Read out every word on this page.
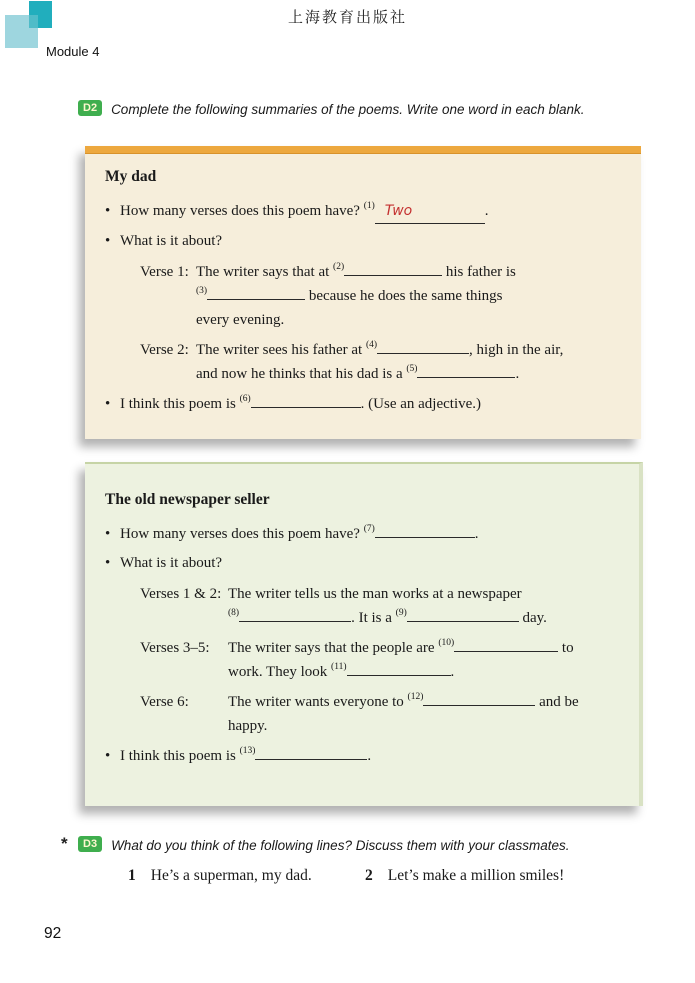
上海教育出版社
Module 4
D2	Complete the following summaries of the poems. Write one word in each blank.
My dad
•
How many verses does this poem have? $^{(1)}$ Two	.
•
What is it about?
Verse 1: The writer says that at $^{(2)}$	his father is
$^{(3)}$	because he does the same things
every evening.
Verse 2: The writer sees his father at $^{(4)}$	, high in the air,
and now he thinks that his dad is a $^{(5)}$	.
•
I think this poem is $^{(6)}$	. (Use an adjective.)
The old newspaper seller
•
How many verses does this poem have? $^{(7)}$	.
•
What is it about?
Verses 1 & 2: The writer tells us the man works at a newspaper
$^{(8)}$	. It is a $^{(9)}$	day.
Verses 3–5:	The writer says that the people are $^{(10)}$	to
work. They look $^{(11)}$	.
Verse 6:	The writer wants everyone to $^{(12)}$	and be
happy.
•
I think this poem is $^{(13)}$	.
*	D3	What do you think of the following lines? Discuss them with your classmates.
1 He’s a superman, my dad.	2 Let’s make a million smiles!
92
